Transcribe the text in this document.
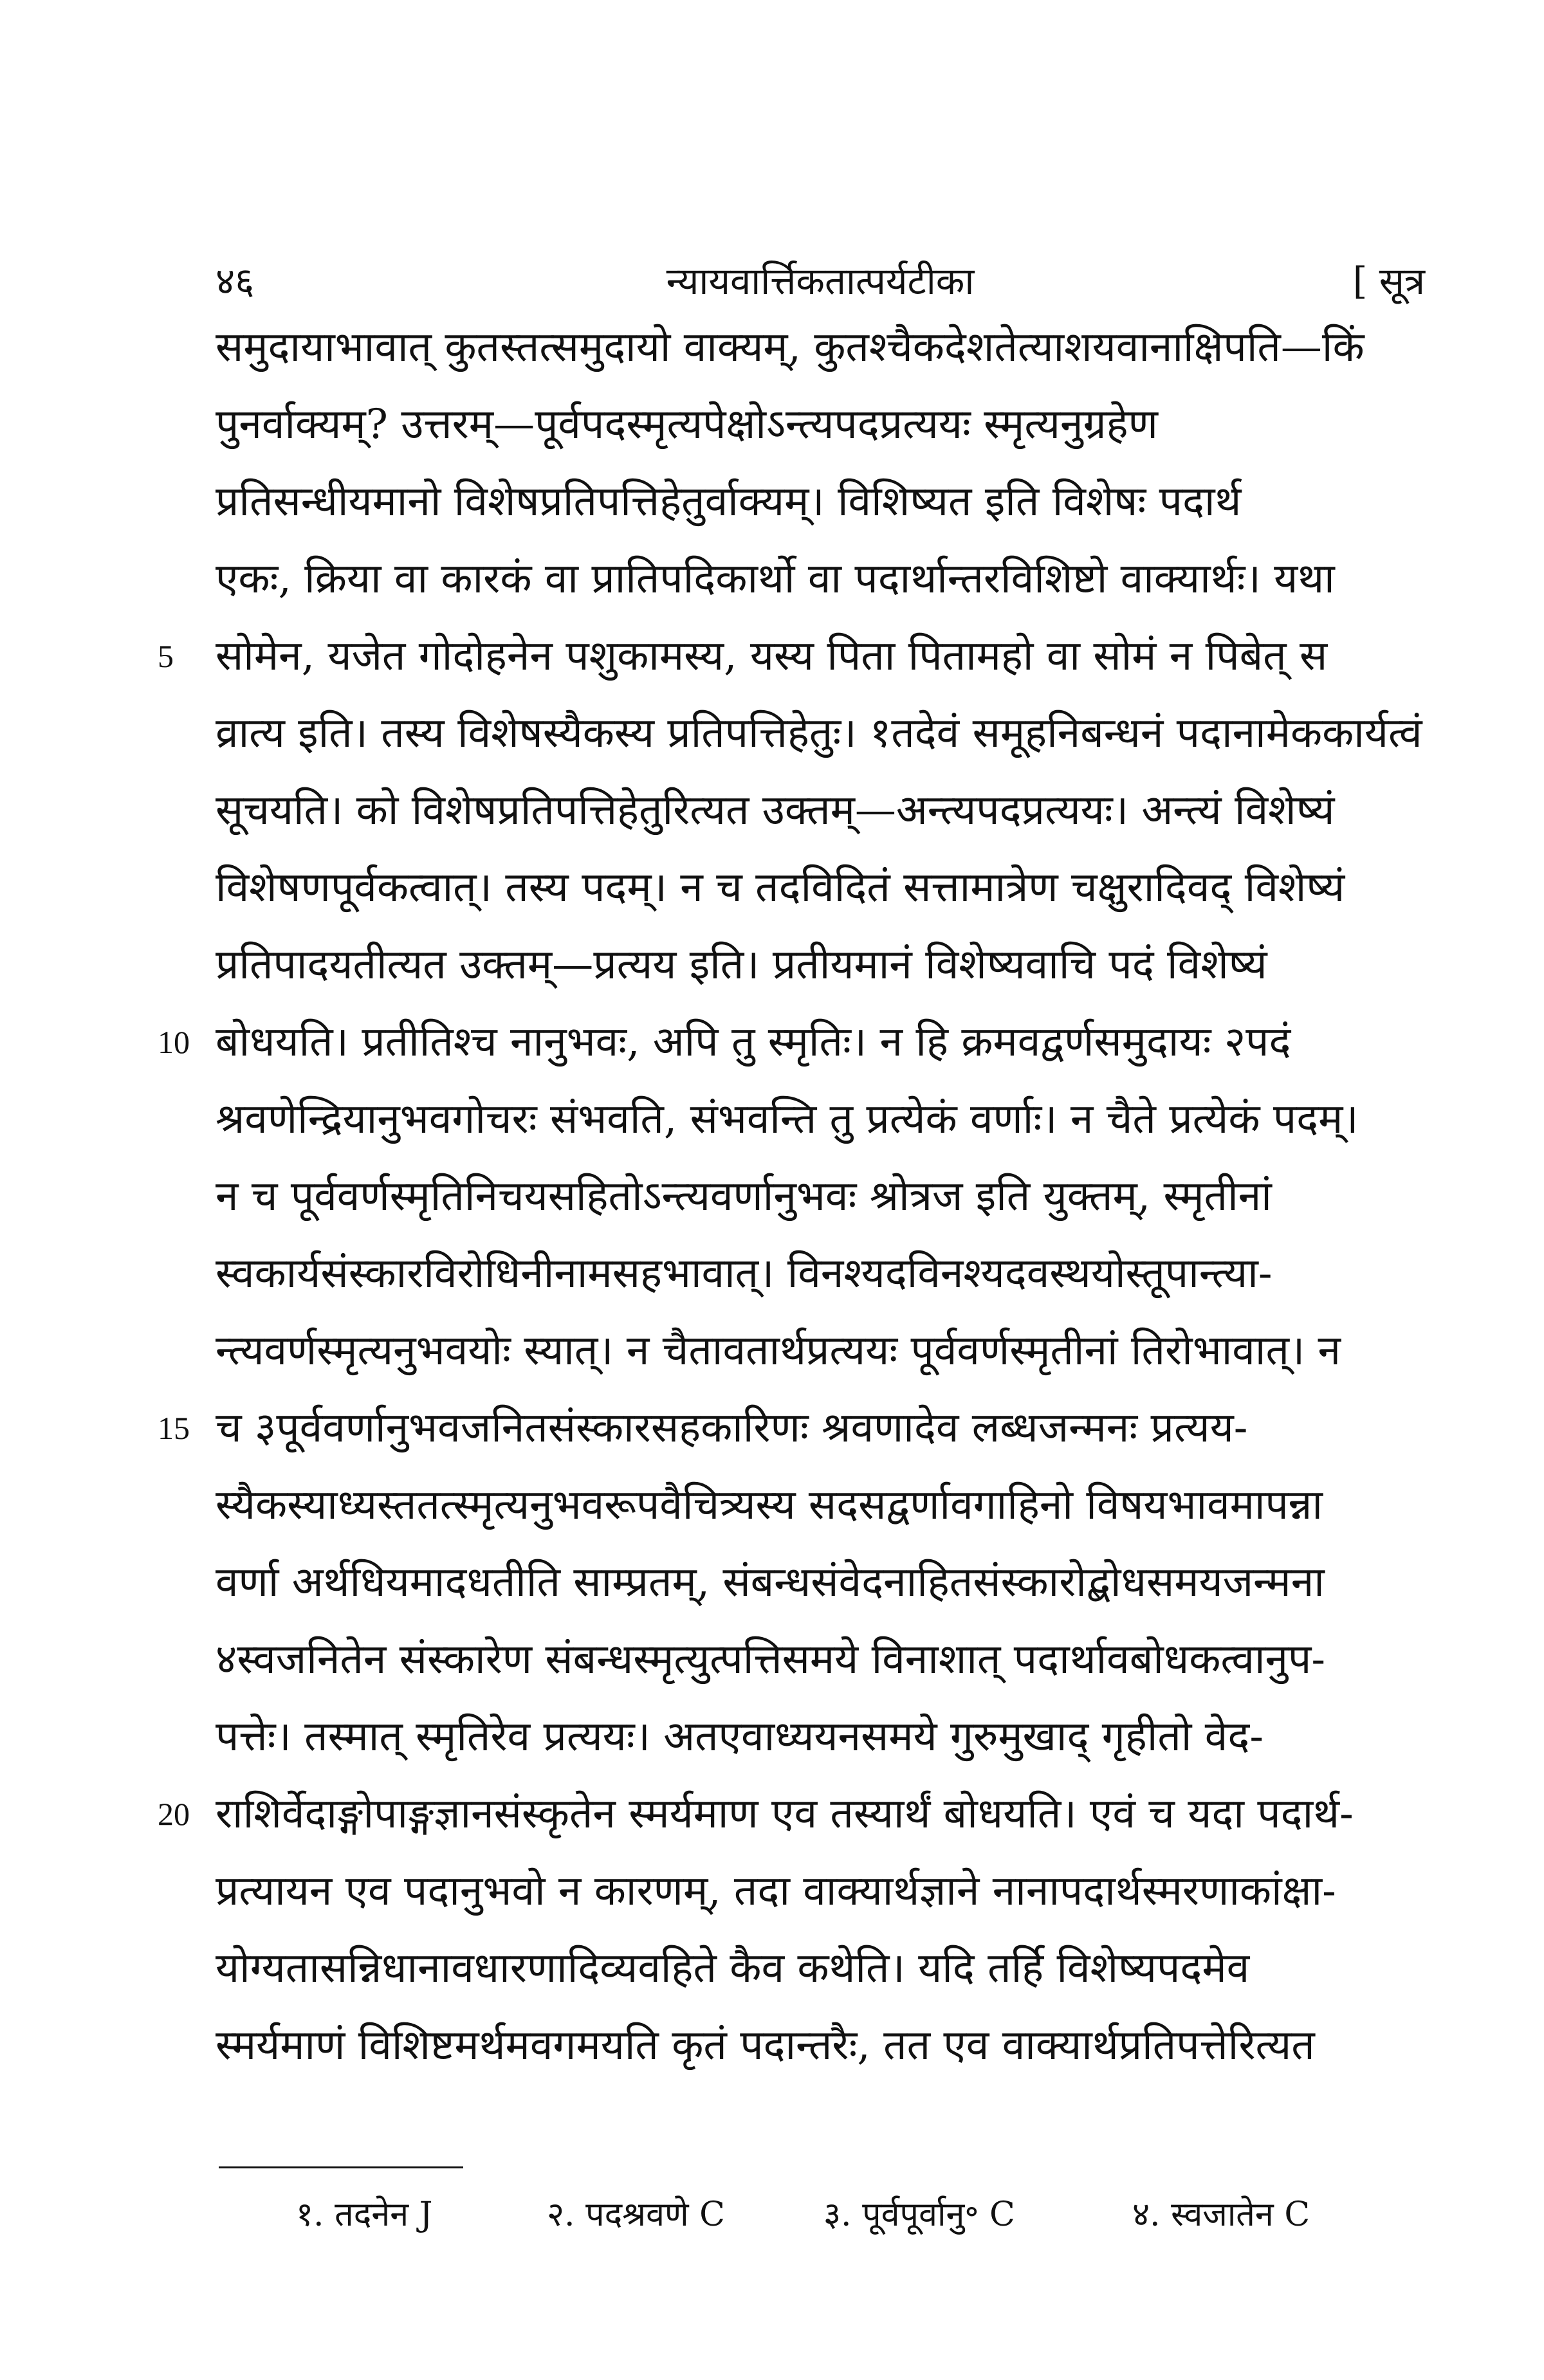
४६	न्यायवार्त्तिकतात्पर्यटीका	[ सूत्र
समुदायाभावात् कुतस्तत्समुदायो वाक्यम्, कुतश्चैकदेशतेत्याशयवानाक्षिपति—किं
पुनर्वाक्यम्? उत्तरम्—पूर्वपदस्मृत्यपेक्षोऽन्त्यपदप्रत्ययः स्मृत्यनुग्रहेण
प्रतिसन्धीयमानो विशेषप्रतिपत्तिहेतुर्वाक्यम्। विशिष्यत इति विशेषः पदार्थ
एकः, क्रिया वा कारकं वा प्रातिपदिकार्थो वा पदार्थान्तरविशिष्टो वाक्यार्थः। यथा
5 सोमेन, यजेत गोदोहनेन पशुकामस्य, यस्य पिता पितामहो वा सोमं न पिबेत् स
व्रात्य इति। तस्य विशेषस्यैकस्य प्रतिपत्तिहेतुः। १तदेवं समूहनिबन्धनं पदानामेककार्यत्वं
सूचयति। को विशेषप्रतिपत्तिहेतुरित्यत उक्तम्—अन्त्यपदप्रत्ययः। अन्त्यं विशेष्यं
विशेषणपूर्वकत्वात्। तस्य पदम्। न च तदविदितं सत्तामात्रेण चक्षुरादिवद् विशेष्यं
प्रतिपादयतीत्यत उक्तम्—प्रत्यय इति। प्रतीयमानं विशेष्यवाचि पदं विशेष्यं
10 बोधयति। प्रतीतिश्च नानुभवः, अपि तु स्मृतिः। न हि क्रमवद्वर्णसमुदायः २पदं
श्रवणेन्द्रियानुभवगोचरः संभवति, संभवन्ति तु प्रत्येकं वर्णाः। न चैते प्रत्येकं पदम्।
न च पूर्ववर्णस्मृतिनिचयसहितोऽन्त्यवर्णानुभवः श्रोत्रज इति युक्तम्, स्मृतीनां
स्वकार्यसंस्कारविरोधिनीनामसहभावात्। विनश्यदविनश्यदवस्थयोस्तूपान्त्या-
न्त्यवर्णस्मृत्यनुभवयोः स्यात्। न चैतावतार्थप्रत्ययः पूर्ववर्णस्मृतीनां तिरोभावात्। न
15 च ३पूर्ववर्णानुभवजनितसंस्कारसहकारिणः श्रवणादेव लब्धजन्मनः प्रत्यय-
स्यैकस्याध्यस्ततत्स्मृत्यनुभवरूपवैचित्र्यस्य सदसद्वर्णावगाहिनो विषयभावमापन्ना
वर्णा अर्थधियमादधतीति साम्प्रतम्, संबन्धसंवेदनाहितसंस्कारोद्बोधसमयजन्मना
४स्वजनितेन संस्कारेण संबन्धस्मृत्युत्पत्तिसमये विनाशात् पदार्थावबोधकत्वानुप-
पत्तेः। तस्मात् स्मृतिरेव प्रत्ययः। अतएवाध्ययनसमये गुरुमुखाद् गृहीतो वेद-
20 राशिर्वेदाङ्गोपाङ्गज्ञानसंस्कृतेन स्मर्यमाण एव तस्यार्थं बोधयति। एवं च यदा पदार्थ-
प्रत्यायन एव पदानुभवो न कारणम्, तदा वाक्यार्थज्ञाने नानापदार्थस्मरणाकांक्षा-
योग्यतासन्निधानावधारणादिव्यवहिते कैव कथेति। यदि तर्हि विशेष्यपदमेव
स्मर्यमाणं विशिष्टमर्थमवगमयति कृतं पदान्तरैः, तत एव वाक्यार्थप्रतिपत्तेरित्यत
१. तदनेन J	२. पदश्रवणे C	३. पूर्वपूर्वानु॰ C	४. स्वजातेन C
